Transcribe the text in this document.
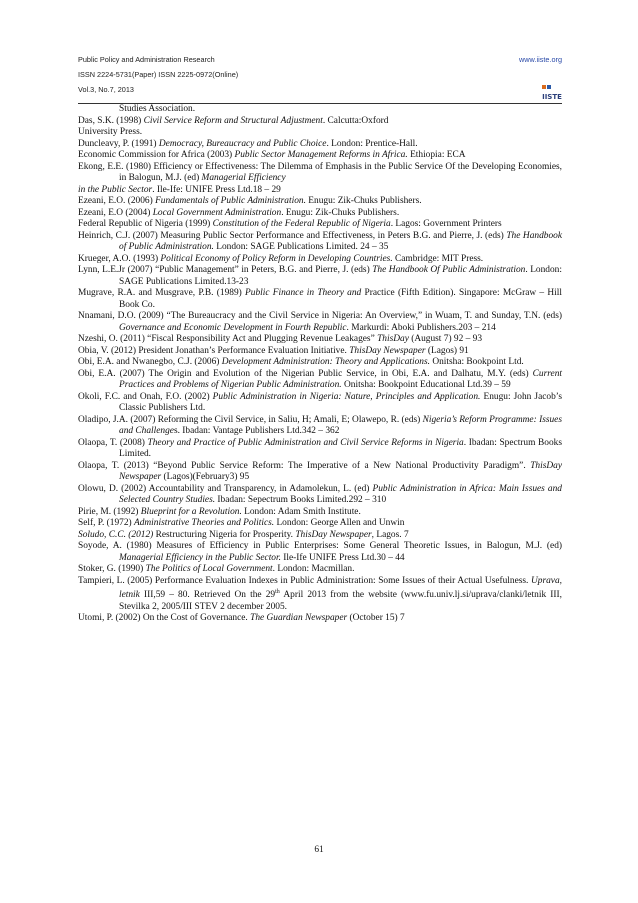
Public Policy and Administration Research
ISSN 2224-5731(Paper) ISSN 2225-0972(Online)
Vol.3, No.7, 2013
www.iiste.org
IISTE

Studies Association.

Das, S.K. (1998) Civil Service Reform and Structural Adjustment. Calcutta:Oxford

University Press.

Duncleavy, P. (1991) Democracy, Bureaucracy and Public Choice. London: Prentice-Hall.

Economic Commission for Africa (2003) Public Sector Management Reforms in Africa. Ethiopia: ECA

Ekong, E.E. (1980) Efficiency or Effectiveness: The Dilemma of Emphasis in the Public Service Of the Developing Economies, in Balogun, M.J. (ed) Managerial Efficiency

in the Public Sector. Ile-Ife: UNIFE Press Ltd.18 – 29

Ezeani, E.O. (2006) Fundamentals of Public Administration. Enugu: Zik-Chuks Publishers.

Ezeani, E.O (2004) Local Government Administration. Enugu: Zik-Chuks Publishers.

Federal Republic of Nigeria (1999) Constitution of the Federal Republic of Nigeria. Lagos: Government Printers

Heinrich, C.J. (2007) Measuring Public Sector Performance and Effectiveness, in Peters B.G. and Pierre, J. (eds) The Handbook of Public Administration. London: SAGE Publications Limited. 24 – 35

Krueger, A.O. (1993) Political Economy of Policy Reform in Developing Countries. Cambridge: MIT Press.

Lynn, L.E.Jr (2007) “Public Management” in Peters, B.G. and Pierre, J. (eds) The Handbook Of Public Administration. London: SAGE Publications Limited.13-23

Mugrave, R.A. and Musgrave, P.B. (1989) Public Finance in Theory and Practice (Fifth Edition). Singapore: McGraw – Hill Book Co.

Nnamani, D.O. (2009) “The Bureaucracy and the Civil Service in Nigeria: An Overview,” in Wuam, T. and Sunday, T.N. (eds) Governance and Economic Development in Fourth Republic. Markurdi: Aboki Publishers.203 – 214

Nzeshi, O. (2011) “Fiscal Responsibility Act and Plugging Revenue Leakages” ThisDay (August 7) 92 – 93

Obia, V. (2012) President Jonathan’s Performance Evaluation Initiative. ThisDay Newspaper (Lagos) 91

Obi, E.A. and Nwanegbo, C.J. (2006) Development Administration: Theory and Applications. Onitsha: Bookpoint Ltd.

Obi, E.A. (2007) The Origin and Evolution of the Nigerian Public Service, in Obi, E.A. and Dalhatu, M.Y. (eds) Current Practices and Problems of Nigerian Public Administration. Onitsha: Bookpoint Educational Ltd.39 – 59

Okoli, F.C. and Onah, F.O. (2002) Public Administration in Nigeria: Nature, Principles and Application. Enugu: John Jacob’s Classic Publishers Ltd.

Oladipo, J.A. (2007) Reforming the Civil Service, in Saliu, H; Amali, E; Olawepo, R. (eds) Nigeria’s Reform Programme: Issues and Challenges. Ibadan: Vantage Publishers Ltd.342 – 362

Olaopa, T. (2008) Theory and Practice of Public Administration and Civil Service Reforms in Nigeria. Ibadan: Spectrum Books Limited.

Olaopa, T. (2013) “Beyond Public Service Reform: The Imperative of a New National Productivity Paradigm”. ThisDay Newspaper (Lagos)(February3) 95

Olowu, D. (2002) Accountability and Transparency, in Adamolekun, L. (ed) Public Administration in Africa: Main Issues and Selected Country Studies. Ibadan: Sepectrum Books Limited.292 – 310

Pirie, M. (1992) Blueprint for a Revolution. London: Adam Smith Institute.

Self, P. (1972) Administrative Theories and Politics. London: George Allen and Unwin

Soludo, C.C. (2012) Restructuring Nigeria for Prosperity. ThisDay Newspaper, Lagos. 7

Soyode, A. (1980) Measures of Efficiency in Public Enterprises: Some General Theoretic Issues, in Balogun, M.J. (ed) Managerial Efficiency in the Public Sector. Ile-Ife UNIFE Press Ltd.30 – 44

Stoker, G. (1990) The Politics of Local Government. London: Macmillan.

Tampieri, L. (2005) Performance Evaluation Indexes in Public Administration: Some Issues of their Actual Usefulness. Uprava, letnik III,59 – 80. Retrieved On the 29th April 2013 from the website (www.fu.univ.lj.si/uprava/clanki/letnik III, Stevilka 2, 2005/III STEV 2 december 2005.

Utomi, P. (2002) On the Cost of Governance. The Guardian Newspaper (October 15) 7

61
